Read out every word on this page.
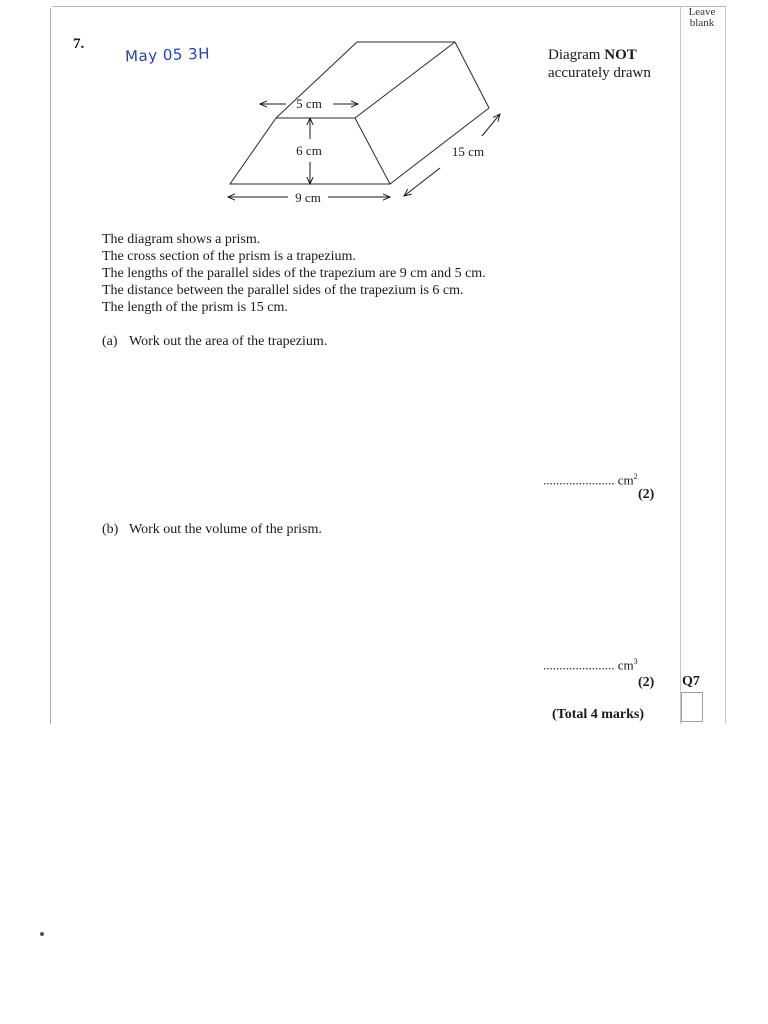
Leave
blank
7.
May 05 3H	Diagram NOT
accurately drawn
5 cm
6 cm	15 cm
9 cm
The diagram shows a prism.
The cross section of the prism is a trapezium.
The lengths of the parallel sides of the trapezium are 9 cm and 5 cm.
The distance between the parallel sides of the trapezium is 6 cm.
The length of the prism is 15 cm.
(a) Work out the area of the trapezium.
...................... $cm^2$
(2)
(b) Work out the volume of the prism.
...................... $cm^3$
(2) Q7
(Total 4 marks)
